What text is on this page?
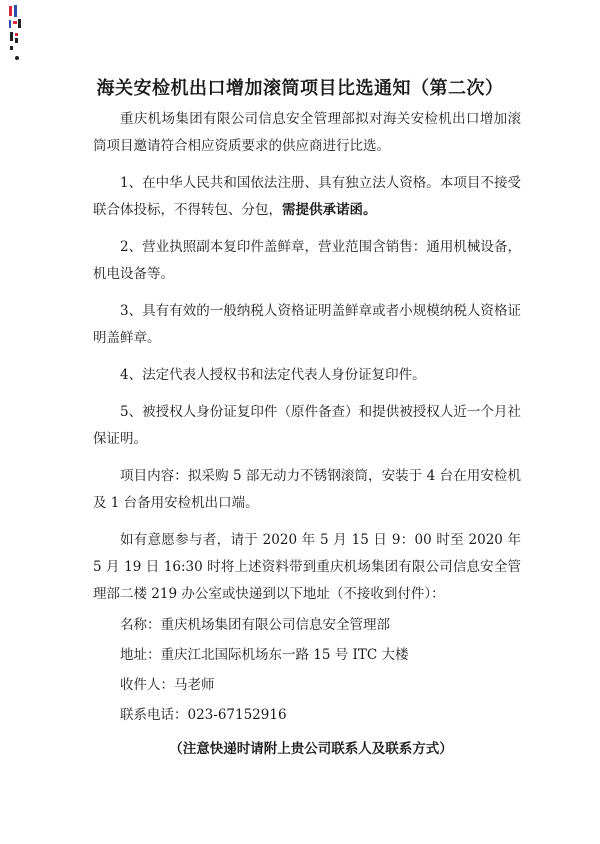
海关安检机出口增加滚筒项目比选通知（第二次）

重庆机场集团有限公司信息安全管理部拟对海关安检机出口增加滚筒项目邀请符合相应资质要求的供应商进行比选。

1、在中华人民共和国依法注册、具有独立法人资格。本项目不接受联合体投标，不得转包、分包，需提供承诺函。

2、营业执照副本复印件盖鲜章，营业范围含销售：通用机械设备，机电设备等。

3、具有有效的一般纳税人资格证明盖鲜章或者小规模纳税人资格证明盖鲜章。

4、法定代表人授权书和法定代表人身份证复印件。

5、被授权人身份证复印件（原件备查）和提供被授权人近一个月社保证明。

项目内容：拟采购 5 部无动力不锈钢滚筒，安装于 4 台在用安检机及 1 台备用安检机出口端。

如有意愿参与者，请于 2020 年 5 月 15 日 9：00 时至 2020 年 5 月 19 日 16:30 时将上述资料带到重庆机场集团有限公司信息安全管理部二楼 219 办公室或快递到以下地址（不接收到付件）：

名称：重庆机场集团有限公司信息安全管理部

地址：重庆江北国际机场东一路 15 号 ITC 大楼

收件人：马老师

联系电话：023-67152916

（注意快递时请附上贵公司联系人及联系方式）
